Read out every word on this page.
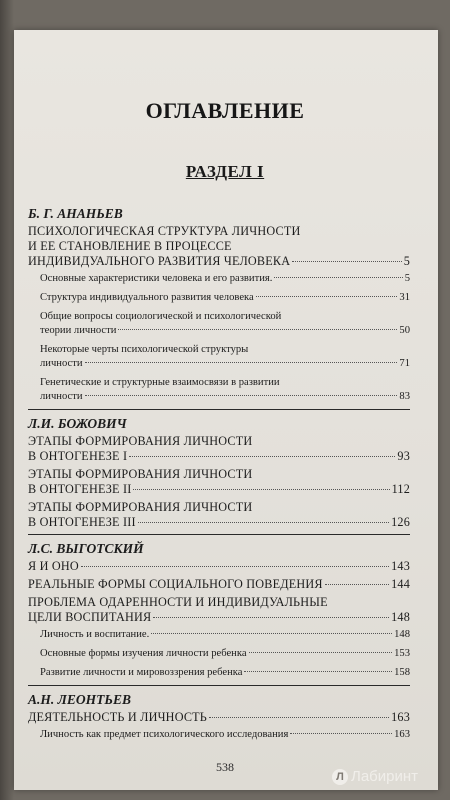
ОГЛАВЛЕНИЕ
РАЗДЕЛ I
Б. Г. АНАНЬЕВ
ПСИХОЛОГИЧЕСКАЯ СТРУКТУРА ЛИЧНОСТИ
И ЕЕ СТАНОВЛЕНИЕ В ПРОЦЕССЕ
ИНДИВИДУАЛЬНОГО РАЗВИТИЯ ЧЕЛОВЕКА	5
Основные характеристики человека и его развития.	5
Структура индивидуального развития человека	31
Общие вопросы социологической и психологической
теории личности	50
Некоторые черты психологической структуры
личности	71
Генетические и структурные взаимосвязи в развитии
личности	83
Л.И. БОЖОВИЧ
ЭТАПЫ ФОРМИРОВАНИЯ ЛИЧНОСТИ
В ОНТОГЕНЕЗЕ I	93
ЭТАПЫ ФОРМИРОВАНИЯ ЛИЧНОСТИ
В ОНТОГЕНЕЗЕ II	112
ЭТАПЫ ФОРМИРОВАНИЯ ЛИЧНОСТИ
В ОНТОГЕНЕЗЕ III	126
Л.С. ВЫГОТСКИЙ
Я И ОНО	143
РЕАЛЬНЫЕ ФОРМЫ СОЦИАЛЬНОГО ПОВЕДЕНИЯ	144
ПРОБЛЕМА ОДАРЕННОСТИ И ИНДИВИДУАЛЬНЫЕ
ЦЕЛИ ВОСПИТАНИЯ	148
Личность и воспитание.	148
Основные формы изучения личности ребенка	153
Развитие личности и мировоззрения ребенка	158
А.Н. ЛЕОНТЬЕВ
ДЕЯТЕЛЬНОСТЬ И ЛИЧНОСТЬ	163
Личность как предмет психологического исследования	163
538
Л Лабиринт
